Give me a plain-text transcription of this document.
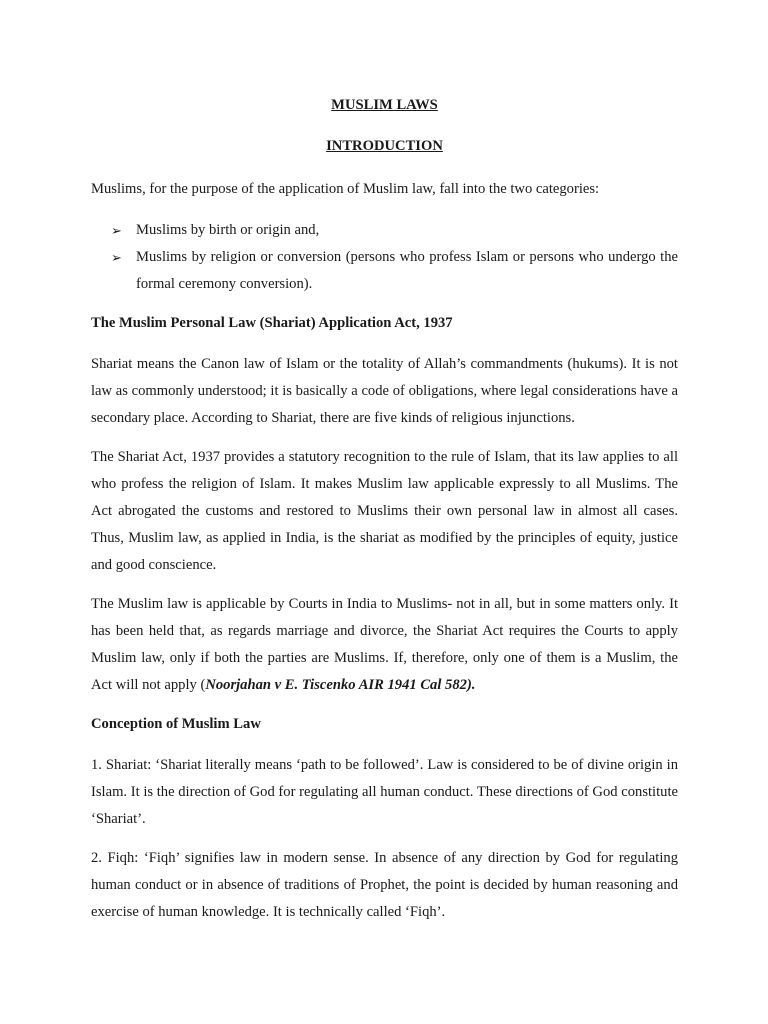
MUSLIM LAWS
INTRODUCTION

Muslims, for the purpose of the application of Muslim law, fall into the two categories:

➢ Muslims by birth or origin and,
➢ Muslims by religion or conversion (persons who profess Islam or persons who undergo the formal ceremony conversion).
The Muslim Personal Law (Shariat) Application Act, 1937

Shariat means the Canon law of Islam or the totality of Allah’s commandments (hukums). It is not law as commonly understood; it is basically a code of obligations, where legal considerations have a secondary place. According to Shariat, there are five kinds of religious injunctions.

The Shariat Act, 1937 provides a statutory recognition to the rule of Islam, that its law applies to all who profess the religion of Islam. It makes Muslim law applicable expressly to all Muslims. The Act abrogated the customs and restored to Muslims their own personal law in almost all cases. Thus, Muslim law, as applied in India, is the shariat as modified by the principles of equity, justice and good conscience.

The Muslim law is applicable by Courts in India to Muslims- not in all, but in some matters only. It has been held that, as regards marriage and divorce, the Shariat Act requires the Courts to apply Muslim law, only if both the parties are Muslims. If, therefore, only one of them is a Muslim, the Act will not apply (Noorjahan v E. Tiscenko AIR 1941 Cal 582).

Conception of Muslim Law

1. Shariat: ‘Shariat literally means ‘path to be followed’. Law is considered to be of divine origin in Islam. It is the direction of God for regulating all human conduct. These directions of God constitute ‘Shariat’.

2. Fiqh: ‘Fiqh’ signifies law in modern sense. In absence of any direction by God for regulating human conduct or in absence of traditions of Prophet, the point is decided by human reasoning and exercise of human knowledge. It is technically called ‘Fiqh’.
